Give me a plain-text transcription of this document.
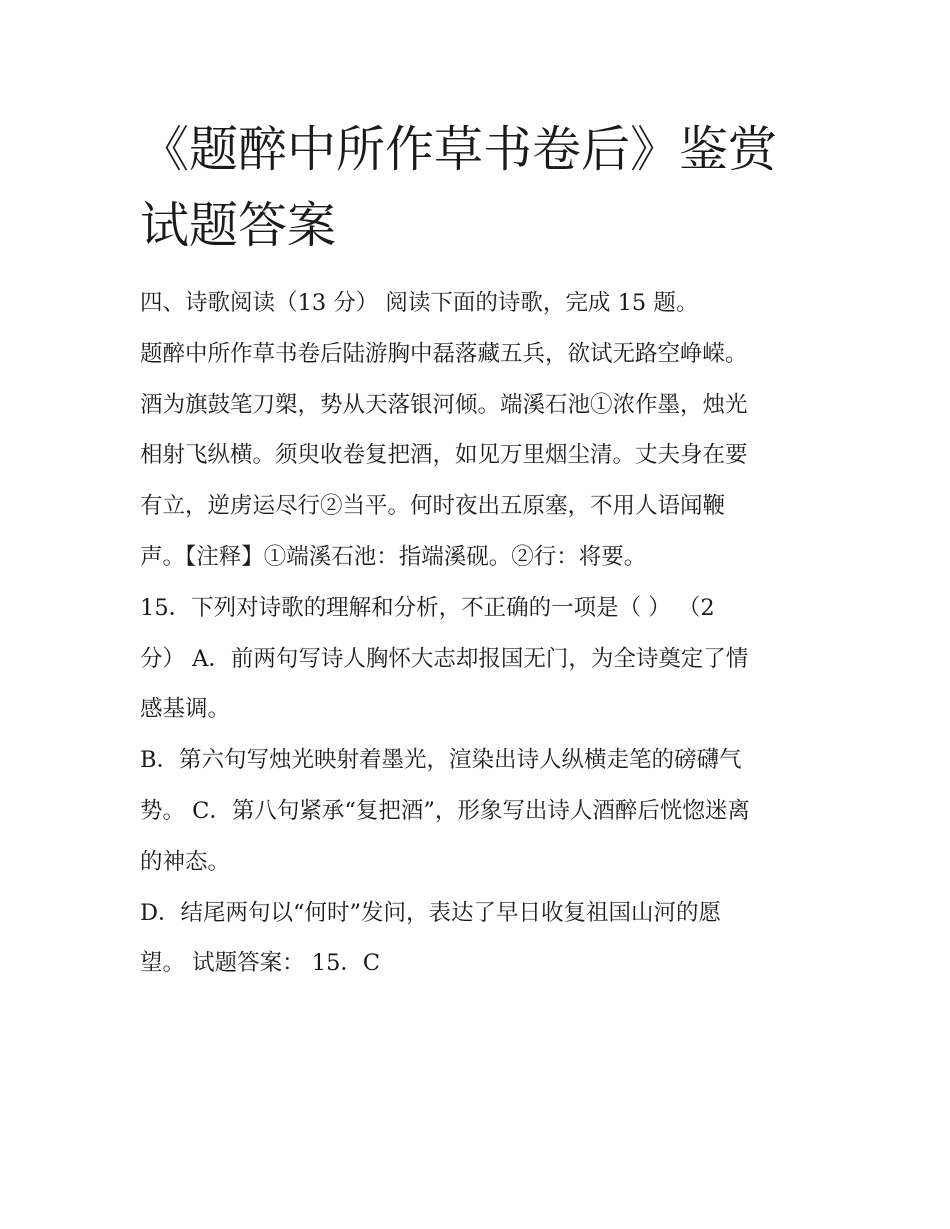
《题醉中所作草书卷后》鉴赏
试题答案
四、诗歌阅读（13 分） 阅读下面的诗歌，完成 15 题。
题醉中所作草书卷后陆游胸中磊落藏五兵，欲试无路空峥嵘。
酒为旗鼓笔刀槊，势从天落银河倾。端溪石池①浓作墨，烛光
相射飞纵横。须臾收卷复把酒，如见万里烟尘清。丈夫身在要
有立，逆虏运尽行②当平。何时夜出五原塞，不用人语闻鞭
声。【注释】①端溪石池：指端溪砚。②行：将要。
15．下列对诗歌的理解和分析，不正确的一项是（ ） （2
分） A．前两句写诗人胸怀大志却报国无门，为全诗奠定了情
感基调。
B．第六句写烛光映射着墨光，渲染出诗人纵横走笔的磅礴气
势。 C．第八句紧承“复把酒”，形象写出诗人酒醉后恍惚迷离
的神态。
D．结尾两句以“何时”发问，表达了早日收复祖国山河的愿
望。 试题答案： 15．C
